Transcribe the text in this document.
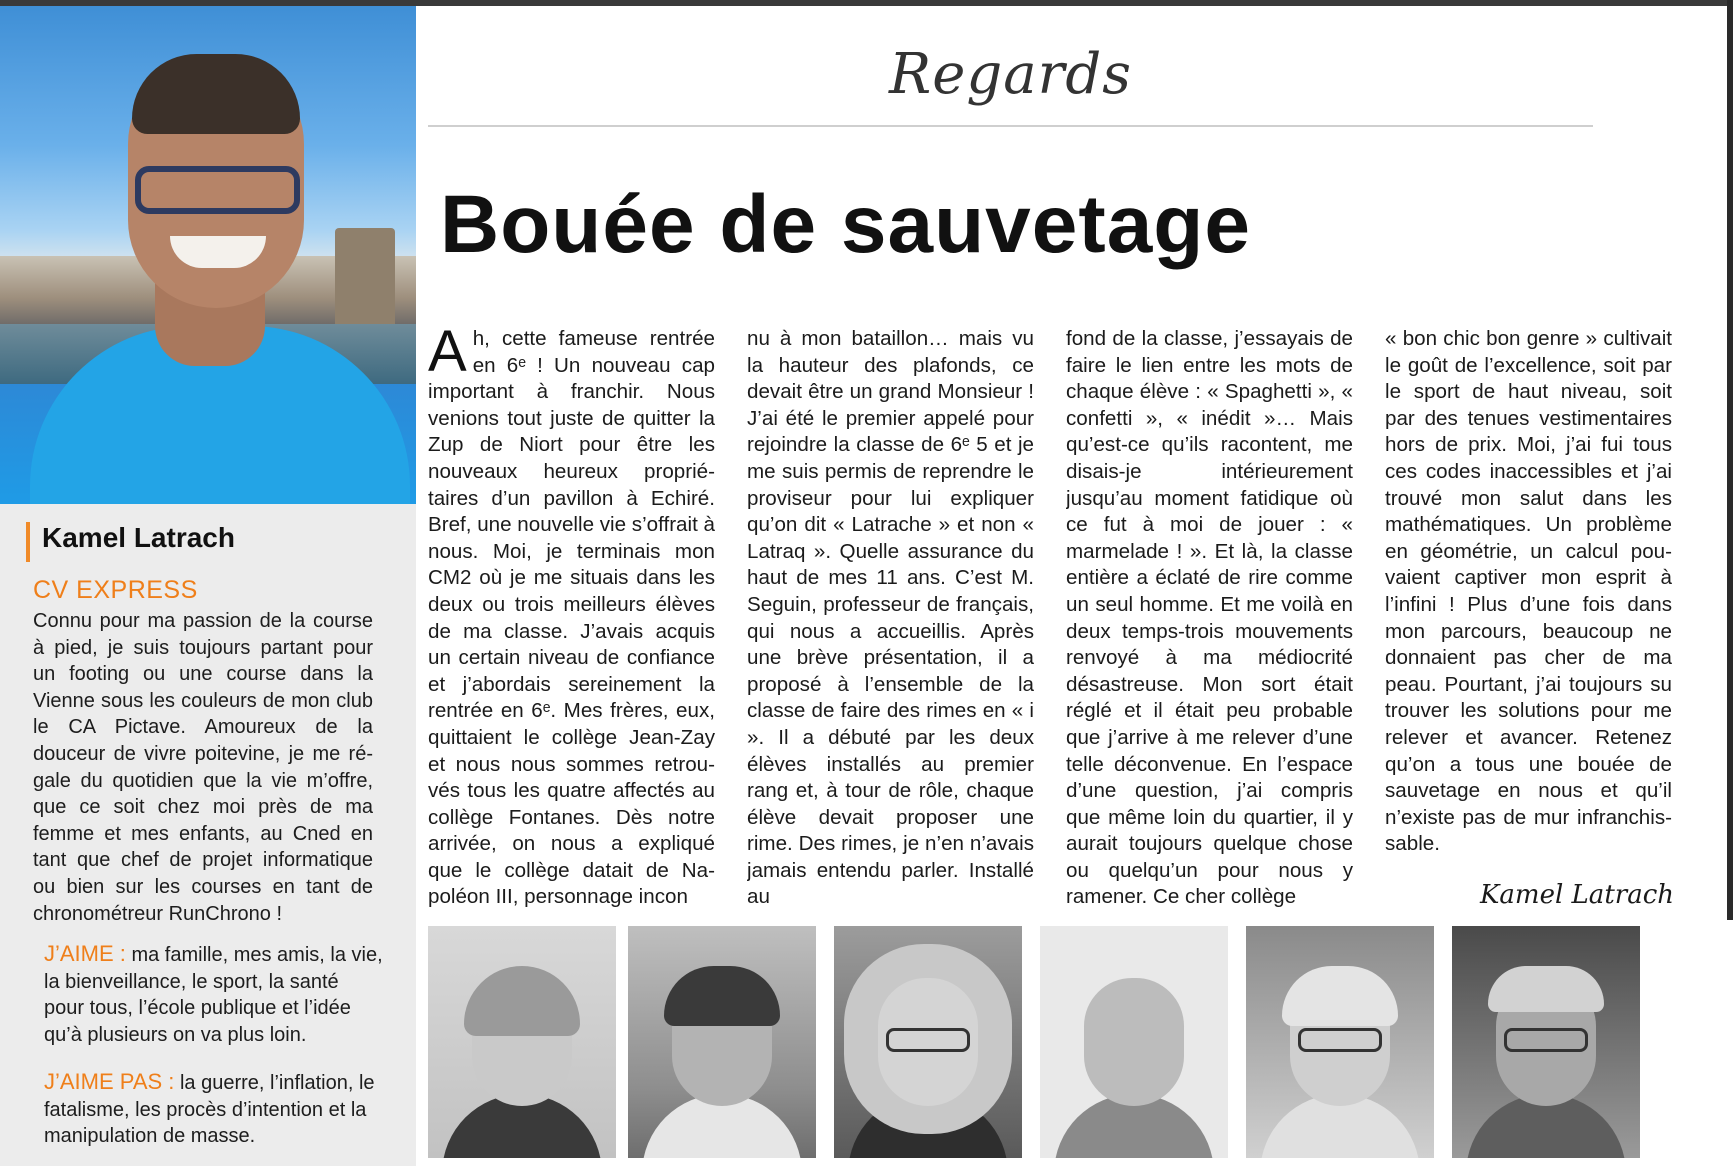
Kamel Latrach
CV EXPRESS

Connu pour ma passion de la course à pied, je suis toujours partant pour un footing ou une course dans la Vienne sous les couleurs de mon club le CA Pictave. Amoureux de la douceur de vivre poitevine, je me régale du quotidien que la vie m’offre, que ce soit chez moi près de ma femme et mes enfants, au Cned en tant que chef de projet informatique ou bien sur les courses en tant de chronométreur RunChrono !

J’AIME : ma famille, mes amis, la vie, la bienveillance, le sport, la santé pour tous, l’école publique et l’idée qu’à plusieurs on va plus loin.

J’AIME PAS : la guerre, l’inflation, le fatalisme, les procès d’intention et la manipulation de masse.

Regards
Bouée de sauvetage
Ah, cette fameuse rentrée en 6ᵉ ! Un nouveau cap important à franchir. Nous venions tout juste de quitter la Zup de Niort pour être les nouveaux heureux propriétaires d’un pavillon à Echiré. Bref, une nouvelle vie s’offrait à nous. Moi, je terminais mon CM2 où je me situais dans les deux ou trois meilleurs élèves de ma classe. J’avais acquis un certain niveau de confiance et j’abordais sereinement la rentrée en 6ᵉ. Mes frères, eux, quittaient le collège Jean-Zay et nous nous sommes retrouvés tous les quatre affectés au collège Fontanes. Dès notre arrivée, on nous a expliqué que le collège datait de Napoléon III, personnage incon
nu à mon bataillon… mais vu la hauteur des plafonds, ce devait être un grand Monsieur ! J’ai été le premier appelé pour rejoindre la classe de 6ᵉ 5 et je me suis permis de reprendre le proviseur pour lui expliquer qu’on dit « Latrache » et non « Latraq ». Quelle assurance du haut de mes 11 ans. C’est M. Seguin, professeur de français, qui nous a accueillis. Après une brève présentation, il a proposé à l’ensemble de la classe de faire des rimes en « i ». Il a débuté par les deux élèves installés au premier rang et, à tour de rôle, chaque élève devait proposer une rime. Des rimes, je n’en n’avais jamais entendu parler. Installé au
fond de la classe, j’essayais de faire le lien entre les mots de chaque élève : « Spaghetti », « confetti », « inédit »… Mais qu’est-ce qu’ils racontent, me disais-je intérieurement jusqu’au moment fatidique où ce fut à moi de jouer : « marmelade ! ». Et là, la classe entière a éclaté de rire comme un seul homme. Et me voilà en deux temps-trois mouvements renvoyé à ma médiocrité désastreuse. Mon sort était réglé et il était peu probable que j’arrive à me relever d’une telle déconvenue. En l’espace d’une question, j’ai compris que même loin du quartier, il y aurait toujours quelque chose ou quelqu’un pour nous y ramener. Ce cher collège
« bon chic bon genre » cultivait le goût de l’excellence, soit par le sport de haut niveau, soit par des tenues vestimentaires hors de prix. Moi, j’ai fui tous ces codes inaccessibles et j’ai trouvé mon salut dans les mathématiques. Un problème en géométrie, un calcul pouvaient captiver mon esprit à l’infini ! Plus d’une fois dans mon parcours, beaucoup ne donnaient pas cher de ma peau. Pourtant, j’ai toujours su trouver les solutions pour me relever et avancer. Retenez qu’on a tous une bouée de sauvetage en nous et qu’il n’existe pas de mur infranchissable.
Kamel Latrach
